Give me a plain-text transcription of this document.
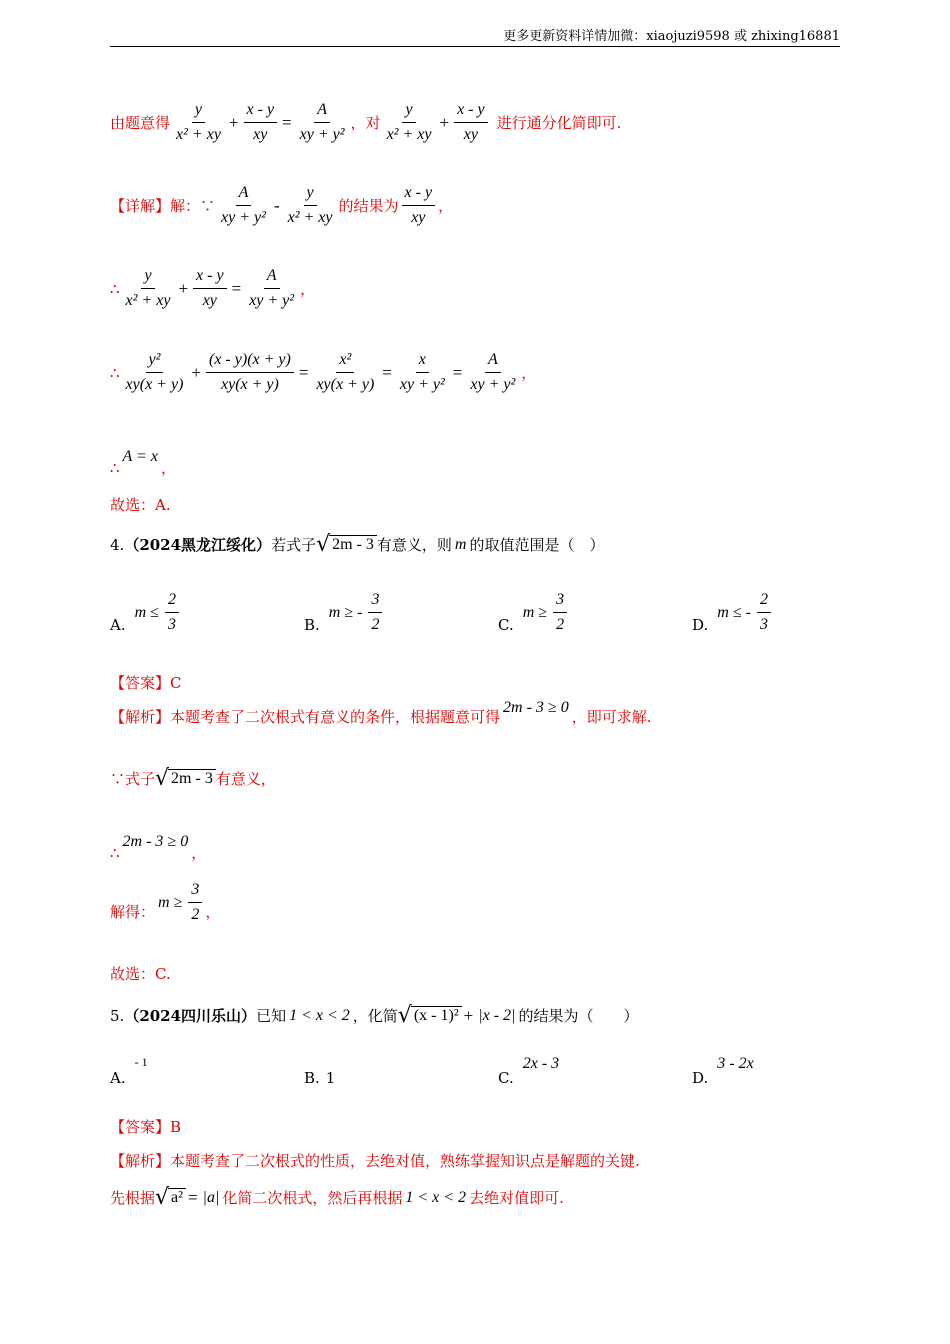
更多更新资料详情加微：xiaojuzi9598 或 zhixing16881
由题意得 $\frac{y}{\text{x² + xy}} + \frac{x - y}{xy} = \frac{A}{\text{xy + y²}}$ ，对 $\frac{y}{\text{x² + xy}} + \frac{x - y}{xy}$ 进行通分化简即可.
【详解】 解：∵ $\frac{A}{\text{xy + y²}} - \frac{y}{\text{x² + xy}}$ 的结果为 $\frac{x - y}{xy}$ ，
∴ $\frac{y}{\text{x² + xy}} + \frac{x - y}{xy} = \frac{A}{\text{xy + y²}}$ ，
∴ $\frac{\text{y²}}{xy(x + y)} + \frac{(x - y)(x + y)}{xy(x + y)} = \frac{\text{x²}}{xy(x + y)} = \frac{x}{\text{xy + y²}} = \frac{A}{\text{xy + y²}}$ ，
∴
A = x
，
故选：A.
4. （2024黑龙江绥化） 若式子 √ 2m - 3 有意义，则 m 的取值范围是（　）
A.
$m \le \frac{2}{3}$	B.
m ≥ - $\frac{3}{2}$	C.
$m \ge \frac{3}{2}$	D.
m ≤ - $\frac{2}{3}$
【答案】C
【解析】 本题考查了二次根式有意义的条件，根据题意可得
2m - 3 ≥ 0
，即可求解.
∵式子 √ 2m - 3 有意义，
∴
2m - 3 ≥ 0
，
解得：
$m \ge \frac{3}{2}$ ，
故选：C.
5. （2024四川乐山） 已知 1 < x < 2 ，化简 √ (x - 1)² + |x - 2| 的结果为（　　）
A.
- 1
B. 1	C.
2x - 3
D.
3 - 2x
【答案】B
【解析】 本题考查了二次根式的性质，去绝对值，熟练掌握知识点是解题的关键.
先根据 √ a² = |a| 化简二次根式，然后再根据 1 < x < 2 去绝对值即可.
